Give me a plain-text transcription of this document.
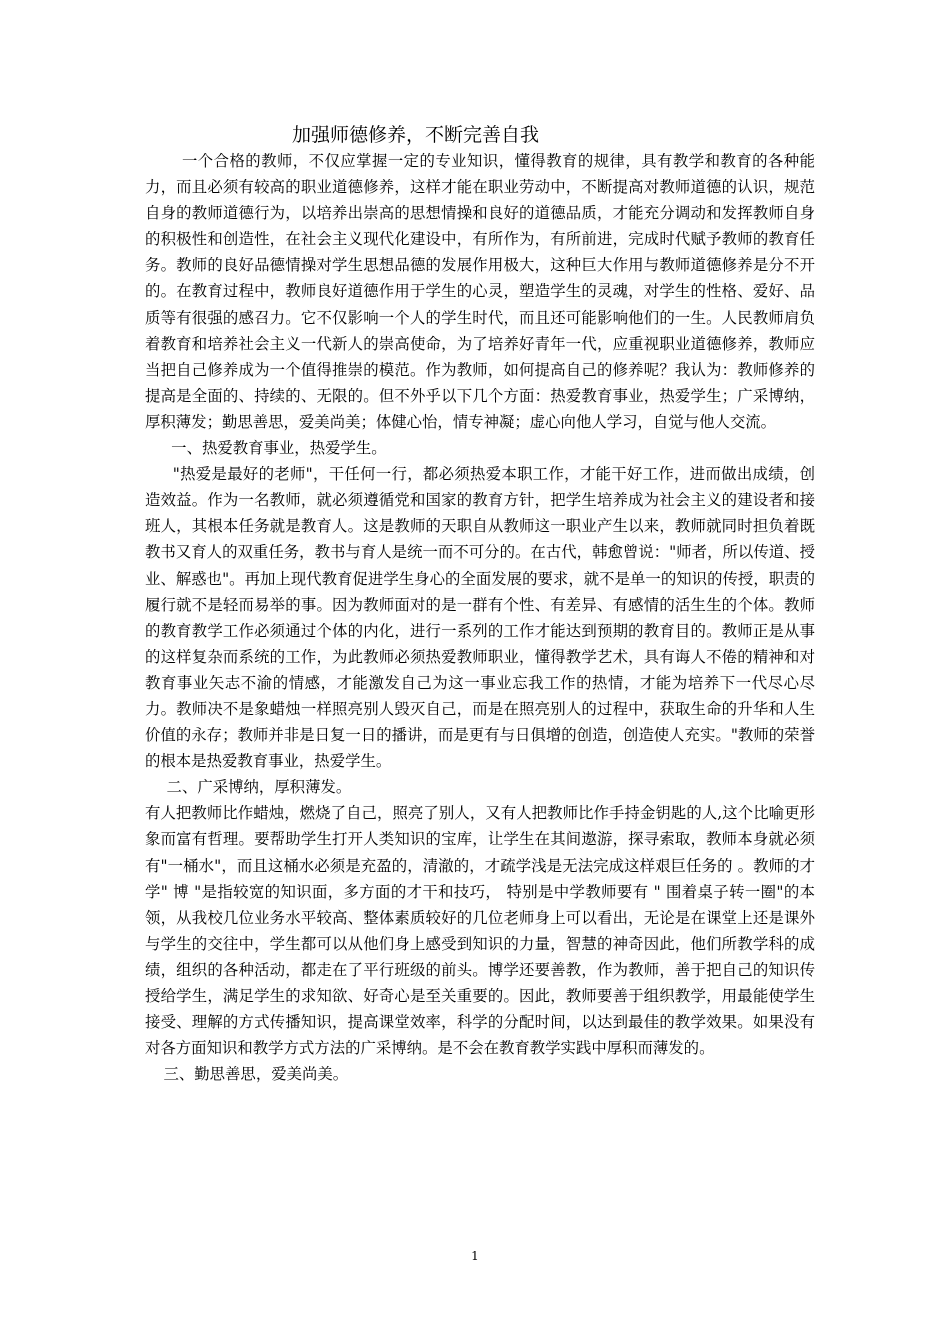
加强师德修养，不断完善自我

一个合格的教师，不仅应掌握一定的专业知识，懂得教育的规律，具有教学和教育的各种能力，而且必须有较高的职业道德修养，这样才能在职业劳动中，不断提高对教师道德的认识，规范自身的教师道德行为，以培养出崇高的思想情操和良好的道德品质，才能充分调动和发挥教师自身的积极性和创造性，在社会主义现代化建设中，有所作为，有所前进，完成时代赋予教师的教育任务。教师的良好品德情操对学生思想品德的发展作用极大，这种巨大作用与教师道德修养是分不开的。在教育过程中，教师良好道德作用于学生的心灵，塑造学生的灵魂，对学生的性格、爱好、品质等有很强的感召力。它不仅影响一个人的学生时代，而且还可能影响他们的一生。人民教师肩负着教育和培养社会主义一代新人的崇高使命，为了培养好青年一代，应重视职业道德修养，教师应当把自己修养成为一个值得推崇的模范。作为教师，如何提高自己的修养呢？我认为：教师修养的提高是全面的、持续的、无限的。但不外乎以下几个方面：热爱教育事业，热爱学生；广采博纳，厚积薄发；勤思善思，爱美尚美；体健心怡，情专神凝；虚心向他人学习，自觉与他人交流。

一、热爱教育事业，热爱学生。

"热爱是最好的老师"，干任何一行，都必须热爱本职工作，才能干好工作，进而做出成绩，创造效益。作为一名教师，就必须遵循党和国家的教育方针，把学生培养成为社会主义的建设者和接班人，其根本任务就是教育人。这是教师的天职自从教师这一职业产生以来，教师就同时担负着既教书又育人的双重任务，教书与育人是统一而不可分的。在古代，韩愈曾说："师者，所以传道、授业、解惑也"。再加上现代教育促进学生身心的全面发展的要求，就不是单一的知识的传授，职责的履行就不是轻而易举的事。因为教师面对的是一群有个性、有差异、有感情的活生生的个体。教师的教育教学工作必须通过个体的内化，进行一系列的工作才能达到预期的教育目的。教师正是从事的这样复杂而系统的工作，为此教师必须热爱教师职业，懂得教学艺术，具有诲人不倦的精神和对教育事业矢志不渝的情感，才能激发自己为这一事业忘我工作的热情，才能为培养下一代尽心尽力。教师决不是象蜡烛一样照亮别人毁灭自己，而是在照亮别人的过程中，获取生命的升华和人生价值的永存；教师并非是日复一日的播讲，而是更有与日俱增的创造，创造使人充实。"教师的荣誉的根本是热爱教育事业，热爱学生。

二、广采博纳，厚积薄发。

有人把教师比作蜡烛，燃烧了自己，照亮了别人，又有人把教师比作手持金钥匙的人,这个比喻更形象而富有哲理。要帮助学生打开人类知识的宝库，让学生在其间遨游，探寻索取，教师本身就必须有"一桶水"，而且这桶水必须是充盈的，清澈的，才疏学浅是无法完成这样艰巨任务的 。教师的才学" 博 "是指较宽的知识面，多方面的才干和技巧， 特别是中学教师要有 " 围着桌子转一圈"的本领，从我校几位业务水平较高、整体素质较好的几位老师身上可以看出，无论是在课堂上还是课外与学生的交往中，学生都可以从他们身上感受到知识的力量，智慧的神奇因此，他们所教学科的成绩，组织的各种活动，都走在了平行班级的前头。博学还要善教，作为教师，善于把自己的知识传授给学生，满足学生的求知欲、好奇心是至关重要的。因此，教师要善于组织教学，用最能使学生接受、理解的方式传播知识，提高课堂效率，科学的分配时间，以达到最佳的教学效果。如果没有对各方面知识和教学方式方法的广采博纳。是不会在教育教学实践中厚积而薄发的。

三、勤思善思，爱美尚美。

1
